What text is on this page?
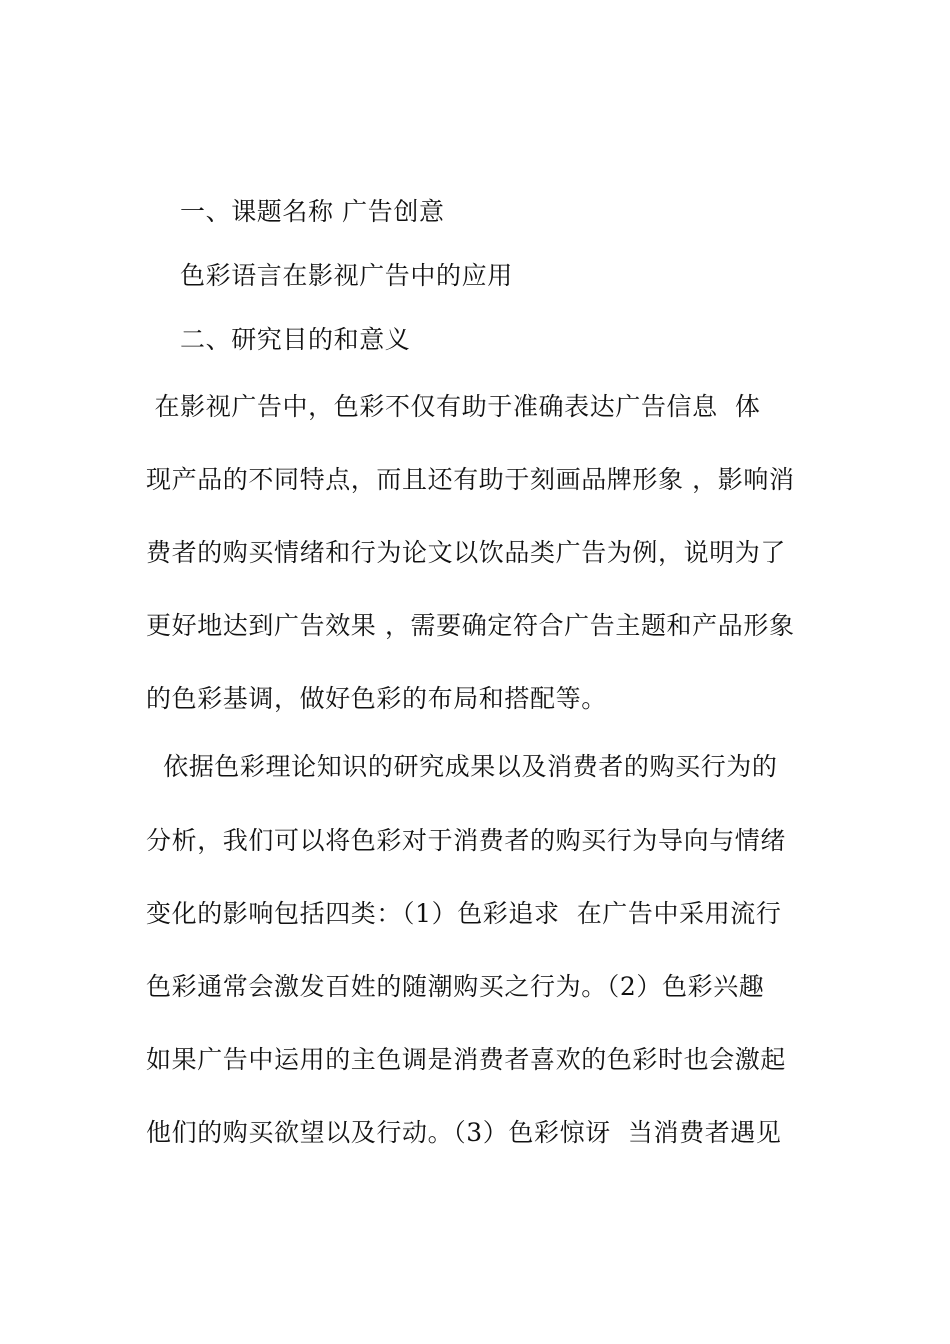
一、课题名称 广告创意
色彩语言在影视广告中的应用
二、研究目的和意义
在影视广告中，色彩不仅有助于准确表达广告信息  体
现产品的不同特点，而且还有助于刻画品牌形象 ，影响消
费者的购买情绪和行为论文以饮品类广告为例，说明为了
更好地达到广告效果 ，需要确定符合广告主题和产品形象
的色彩基调，做好色彩的布局和搭配等。
依据色彩理论知识的研究成果以及消费者的购买行为的
分析，我们可以将色彩对于消费者的购买行为导向与情绪
变化的影响包括四类：（1）色彩追求  在广告中采用流行
色彩通常会激发百姓的随潮购买之行为。（2）色彩兴趣
如果广告中运用的主色调是消费者喜欢的色彩时也会激起
他们的购买欲望以及行动。（3）色彩惊讶  当消费者遇见
